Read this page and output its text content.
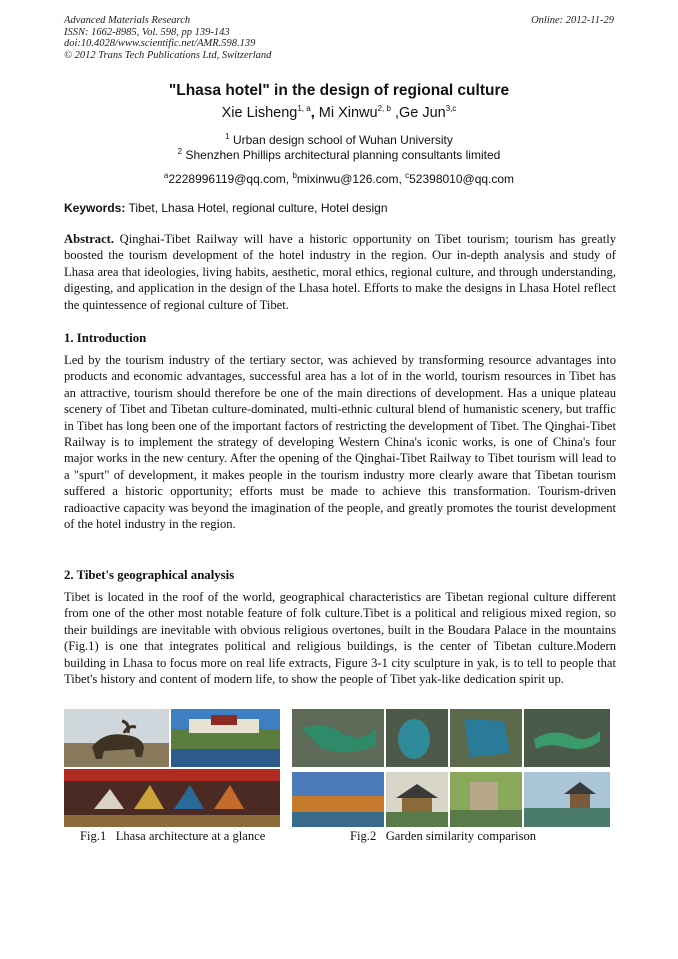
Advanced Materials Research
ISSN: 1662-8985, Vol. 598, pp 139-143
doi:10.4028/www.scientific.net/AMR.598.139
© 2012 Trans Tech Publications Ltd, Switzerland
Online: 2012-11-29
"Lhasa hotel" in the design of regional culture
Xie Lisheng$^{1, a}$, Mi Xinwu$^{2, b}$ ,Ge Jun$^{3,c}$
$^1$ Urban design school of Wuhan University
$^2$ Shenzhen Phillips architectural planning consultants limited
$^a$2228996119@qq.com, $^b$mixinwu@126.com, $^c$52398010@qq.com
Keywords: Tibet, Lhasa Hotel, regional culture, Hotel design
Abstract. Qinghai-Tibet Railway will have a historic opportunity on Tibet tourism; tourism has greatly boosted the tourism development of the hotel industry in the region. Our in-depth analysis and study of Lhasa area that ideologies, living habits, aesthetic, moral ethics, regional culture, and through understanding, digesting, and application in the design of the Lhasa hotel. Efforts to make the designs in Lhasa Hotel reflect the quintessence of regional culture of Tibet.
1. Introduction
Led by the tourism industry of the tertiary sector, was achieved by transforming resource advantages into products and economic advantages, successful area has a lot of in the world, tourism resources in Tibet has an attractive, tourism should therefore be one of the main directions of development. Has a unique plateau scenery of Tibet and Tibetan culture-dominated, multi-ethnic cultural blend of humanistic scenery, but traffic in Tibet has long been one of the important factors of restricting the development of Tibet. The Qinghai-Tibet Railway is to implement the strategy of developing Western China's iconic works, is one of China's four major works in the new century. After the opening of the Qinghai-Tibet Railway to Tibet tourism will lead to a "spurt" of development, it makes people in the tourism industry more clearly aware that Tibetan tourism suffered a historic opportunity; efforts must be made to achieve this transformation. Tourism-driven radioactive capacity was beyond the imagination of the people, and greatly promotes the tourist development of the hotel industry in the region.
2. Tibet's geographical analysis
Tibet is located in the roof of the world, geographical characteristics are Tibetan regional culture different from one of the other most notable feature of folk culture.Tibet is a political and religious mixed region, so their buildings are inevitable with obvious religious overtones, built in the Boudara Palace in the mountains (Fig.1) is one that integrates political and religious buildings, is the center of Tibetan culture.Modern building in Lhasa to focus more on real life extracts, Figure 3-1 city sculpture in yak, is to tell to people that Tibet's history and content of modern life, to show the people of Tibet yak-like dedication spirit up.
Fig.1   Lhasa architecture at a glance	Fig.2   Garden similarity comparison
